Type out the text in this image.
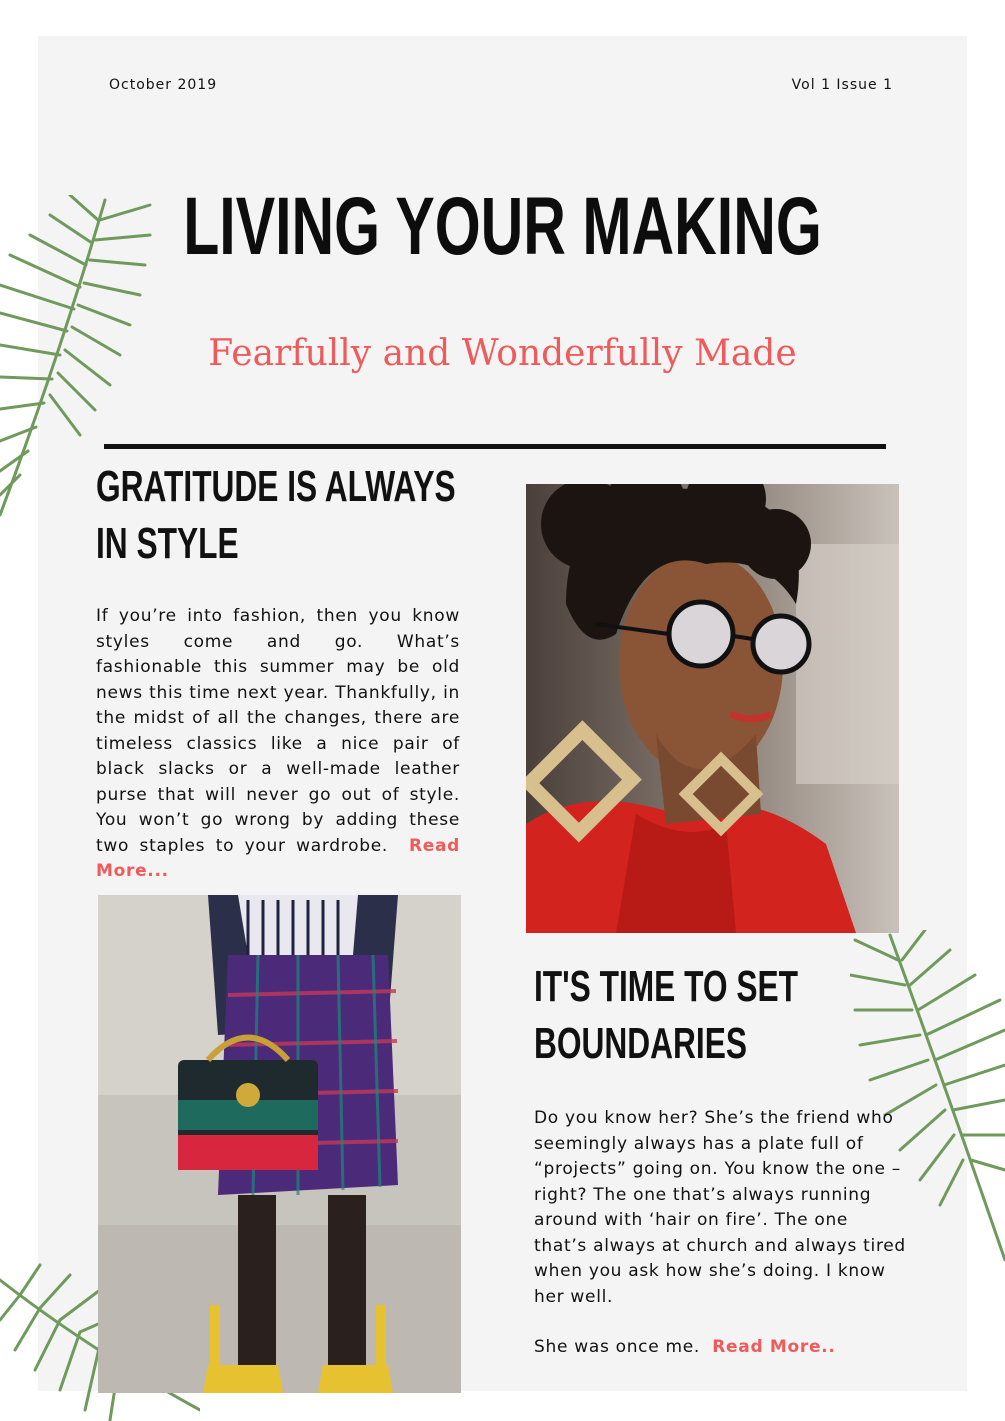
October 2019	Vol 1 Issue 1
LIVING YOUR MAKING
Fearfully and Wonderfully Made
GRATITUDE IS ALWAYS
IN STYLE
If you’re into fashion, then you know styles come and go. What’s fashionable this summer may be old news this time next year. Thankfully, in the midst of all the changes, there are timeless classics like a nice pair of black slacks or a well-made leather purse that will never go out of style. You won’t go wrong by adding these two staples to your wardrobe. Read More...
IT'S TIME TO SET
BOUNDARIES
Do you know her? She’s the friend who seemingly always has a plate full of “projects” going on. You know the one – right? The one that’s always running around with ‘hair on fire’. The one that’s always at church and always tired when you ask how she’s doing. I know her well.
She was once me. Read More..
